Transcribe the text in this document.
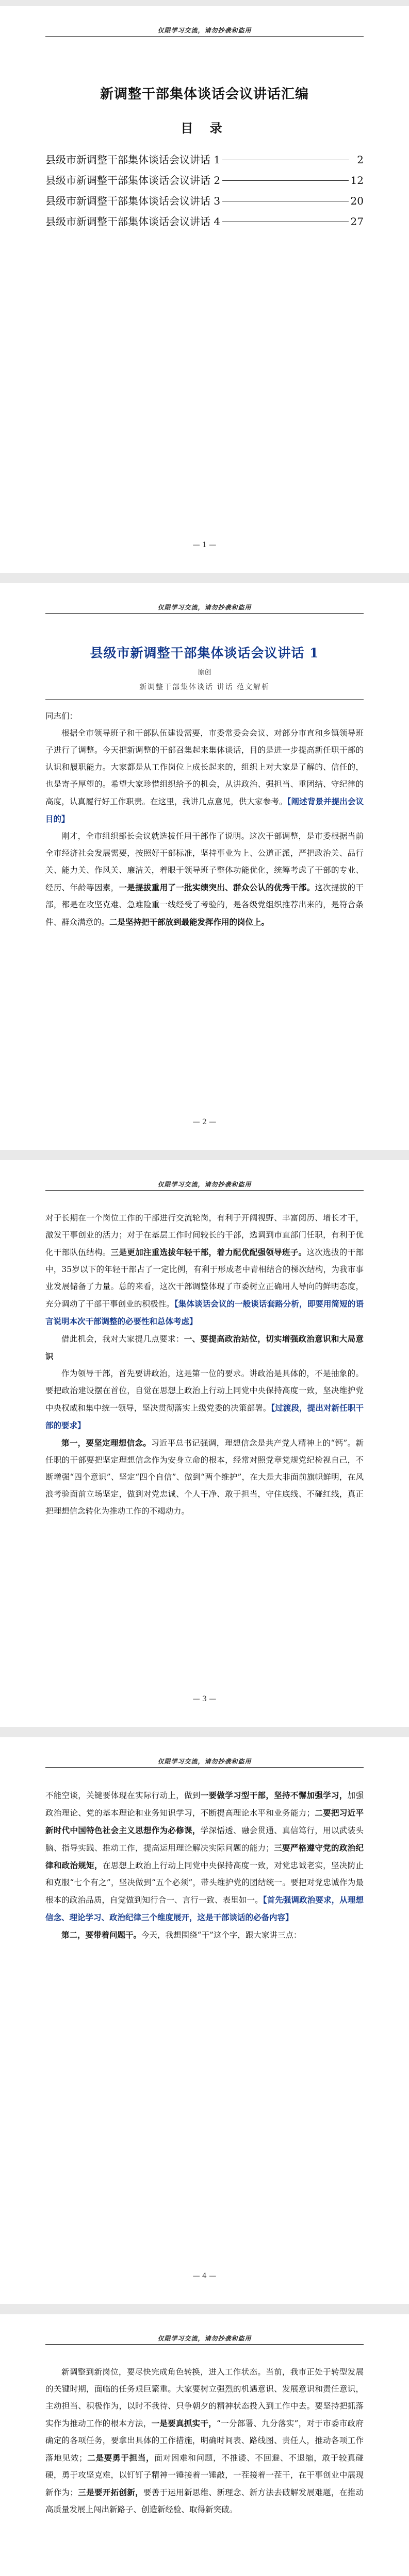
仅限学习交流，请勿抄袭和盗用
新调整干部集体谈话会议讲话汇编
目 录
县级市新调整干部集体谈话会议讲话 1	2
县级市新调整干部集体谈话会议讲话 2	12
县级市新调整干部集体谈话会议讲话 3	20
县级市新调整干部集体谈话会议讲话 4	27
— 1 —
仅限学习交流，请勿抄袭和盗用
县级市新调整干部集体谈话会议讲话 1
原创
新调整干部集体谈话 讲话 范文解析

同志们：

根据全市领导班子和干部队伍建设需要，市委常委会会议、对部分市直和乡镇领导班子进行了调整。今天把新调整的干部召集起来集体谈话，目的是进一步提高新任职干部的认识和履职能力。大家都是从工作岗位上成长起来的，组织上对大家是了解的、信任的，也是寄予厚望的。希望大家珍惜组织给予的机会，从讲政治、强担当、重团结、守纪律的高度，认真履行好工作职责。在这里，我讲几点意见，供大家参考。【阐述背景并提出会议目的】

刚才，全市组织部长会议就选拔任用干部作了说明。这次干部调整，是市委根据当前全市经济社会发展需要，按照好干部标准，坚持事业为上、公道正派，严把政治关、品行关、能力关、作风关、廉洁关，着眼于领导班子整体功能优化，统筹考虑了干部的专业、经历、年龄等因素，一是提拔重用了一批实绩突出、群众公认的优秀干部。这次提拔的干部，都是在攻坚克难、急难险重一线经受了考验的，是各级党组织推荐出来的，是符合条件、群众满意的。二是坚持把干部放到最能发挥作用的岗位上。

— 2 —
仅限学习交流，请勿抄袭和盗用

对于长期在一个岗位工作的干部进行交流轮岗，有利于开阔视野、丰富阅历、增长才干，激发干事创业的活力；对于在基层工作时间较长的干部，选调到市直部门任职，有利于优化干部队伍结构。三是更加注重选拔年轻干部，着力配优配强领导班子。这次选拔的干部中，35岁以下的年轻干部占了一定比例，有利于形成老中青相结合的梯次结构，为我市事业发展储备了力量。总的来看，这次干部调整体现了市委树立正确用人导向的鲜明态度，充分调动了干部干事创业的积极性。【集体谈话会议的一般谈话套路分析，即要用简短的语言说明本次干部调整的必要性和总体考虑】

借此机会，我对大家提几点要求：一、要提高政治站位，切实增强政治意识和大局意识

作为领导干部，首先要讲政治，这是第一位的要求。讲政治是具体的，不是抽象的。要把政治建设摆在首位，自觉在思想上政治上行动上同党中央保持高度一致，坚决维护党中央权威和集中统一领导，坚决贯彻落实上级党委的决策部署。【过渡段，提出对新任职干部的要求】

第一，要坚定理想信念。习近平总书记强调，理想信念是共产党人精神上的“钙”。新任职的干部要把坚定理想信念作为安身立命的根本，经常对照党章党规党纪检视自己，不断增强“四个意识”、坚定“四个自信”、做到“两个维护”，在大是大非面前旗帜鲜明，在风浪考验面前立场坚定，做到对党忠诚、个人干净、敢于担当，守住底线、不碰红线，真正把理想信念转化为推动工作的不竭动力。

— 3 —
仅限学习交流，请勿抄袭和盗用

不能空谈，关键要体现在实际行动上，做到一要做学习型干部，坚持不懈加强学习，加强政治理论、党的基本理论和业务知识学习，不断提高理论水平和业务能力；二要把习近平新时代中国特色社会主义思想作为必修课，学深悟透、融会贯通、真信笃行，用以武装头脑、指导实践、推动工作，提高运用理论解决实际问题的能力；三要严格遵守党的政治纪律和政治规矩，在思想上政治上行动上同党中央保持高度一致，对党忠诚老实，坚决防止和克服“七个有之”，坚决做到“五个必须”，带头维护党的团结统一。要把对党忠诚作为最根本的政治品质，自觉做到知行合一、言行一致、表里如一。【首先强调政治要求，从理想信念、理论学习、政治纪律三个维度展开，这是干部谈话的必备内容】

第二，要带着问题干。今天，我想围绕“干”这个字，跟大家讲三点：

— 4 —
仅限学习交流，请勿抄袭和盗用

新调整到新岗位，要尽快完成角色转换，进入工作状态。当前，我市正处于转型发展的关键时期，面临的任务艰巨繁重。大家要树立强烈的机遇意识、发展意识和责任意识，主动担当、积极作为，以时不我待、只争朝夕的精神状态投入到工作中去。要坚持把抓落实作为推动工作的根本方法，一是要真抓实干，“一分部署、九分落实”，对于市委市政府确定的各项任务，要拿出具体的工作措施，明确时间表、路线图、责任人，推动各项工作落地见效；二是要勇于担当，面对困难和问题，不推诿、不回避、不退缩，敢于较真碰硬，勇于攻坚克难，以钉钉子精神一锤接着一锤敲，一茬接着一茬干，在干事创业中展现新作为；三是要开拓创新，要善于运用新思维、新理念、新方法去破解发展难题，在推动高质量发展上闯出新路子、创造新经验、取得新突破。
